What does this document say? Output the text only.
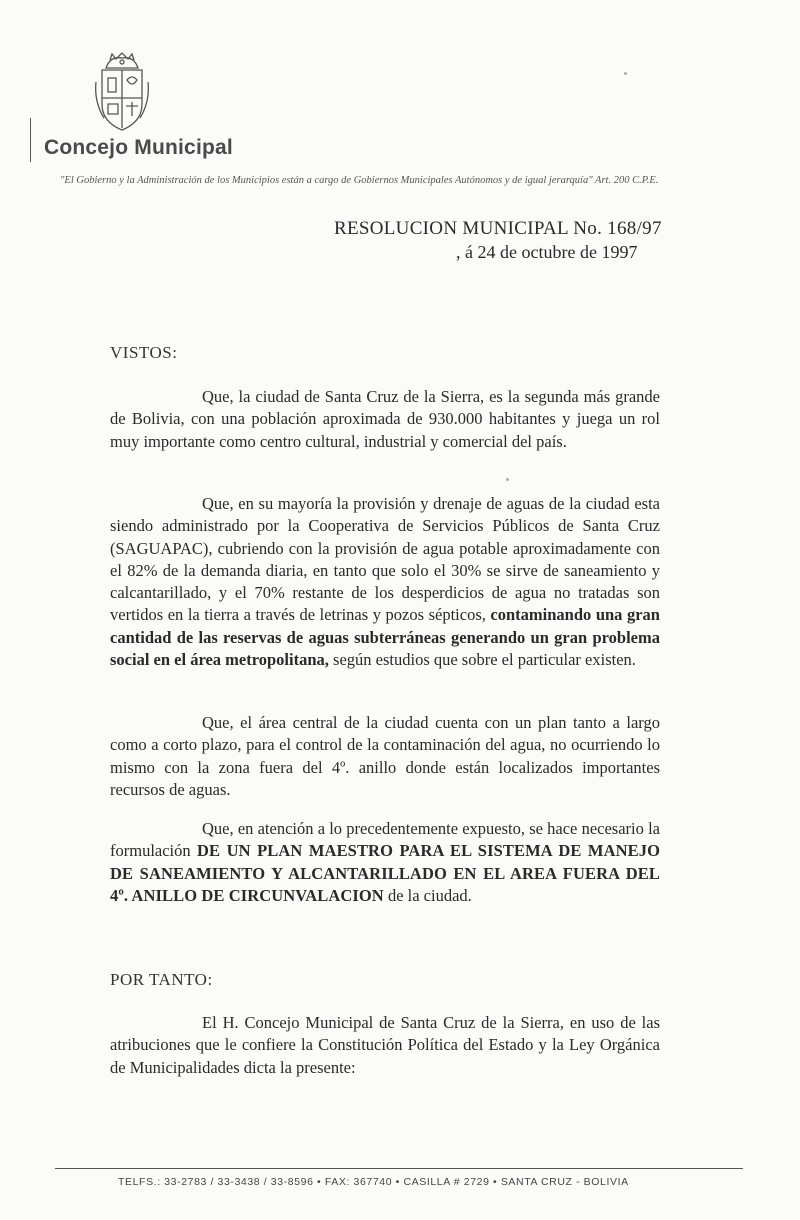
Concejo Municipal
"El Gobierno y la Administración de los Municipios están a cargo de Gobiernos Municipales Autónomos y de igual jerarquía" Art. 200 C.P.E.
RESOLUCION MUNICIPAL No. 168/97
, á 24 de octubre de 1997
VISTOS:

Que, la ciudad de Santa Cruz de la Sierra, es la segunda más grande de Bolivia, con una población aproximada de 930.000 habitantes y juega un rol muy importante como centro cultural, industrial y comercial del país.

Que, en su mayoría la provisión y drenaje de aguas de la ciudad esta siendo administrado por la Cooperativa de Servicios Públicos de Santa Cruz (SAGUAPAC), cubriendo con la provisión de agua potable aproximadamente con el 82% de la demanda diaria, en tanto que solo el 30% se sirve de saneamiento y calcantarillado, y el 70% restante de los desperdicios de agua no tratadas son vertidos en la tierra a través de letrinas y pozos sépticos, contaminando una gran cantidad de las reservas de aguas subterráneas generando un gran problema social en el área metropolitana, según estudios que sobre el particular existen.

Que, el área central de la ciudad cuenta con un plan tanto a largo como a corto plazo, para el control de la contaminación del agua, no ocurriendo lo mismo con la zona fuera del 4º. anillo donde están localizados importantes recursos de aguas.

Que, en atención a lo precedentemente expuesto, se hace necesario la formulación DE UN PLAN MAESTRO PARA EL SISTEMA DE MANEJO DE SANEAMIENTO Y ALCANTARILLADO EN EL AREA FUERA DEL 4º. ANILLO DE CIRCUNVALACION de la ciudad.

POR TANTO:

El H. Concejo Municipal de Santa Cruz de la Sierra, en uso de las atribuciones que le confiere la Constitución Política del Estado y la Ley Orgánica de Municipalidades dicta la presente:

TELFS.: 33-2783 / 33-3438 / 33-8596 • FAX: 367740 • CASILLA # 2729 • SANTA CRUZ - BOLIVIA
